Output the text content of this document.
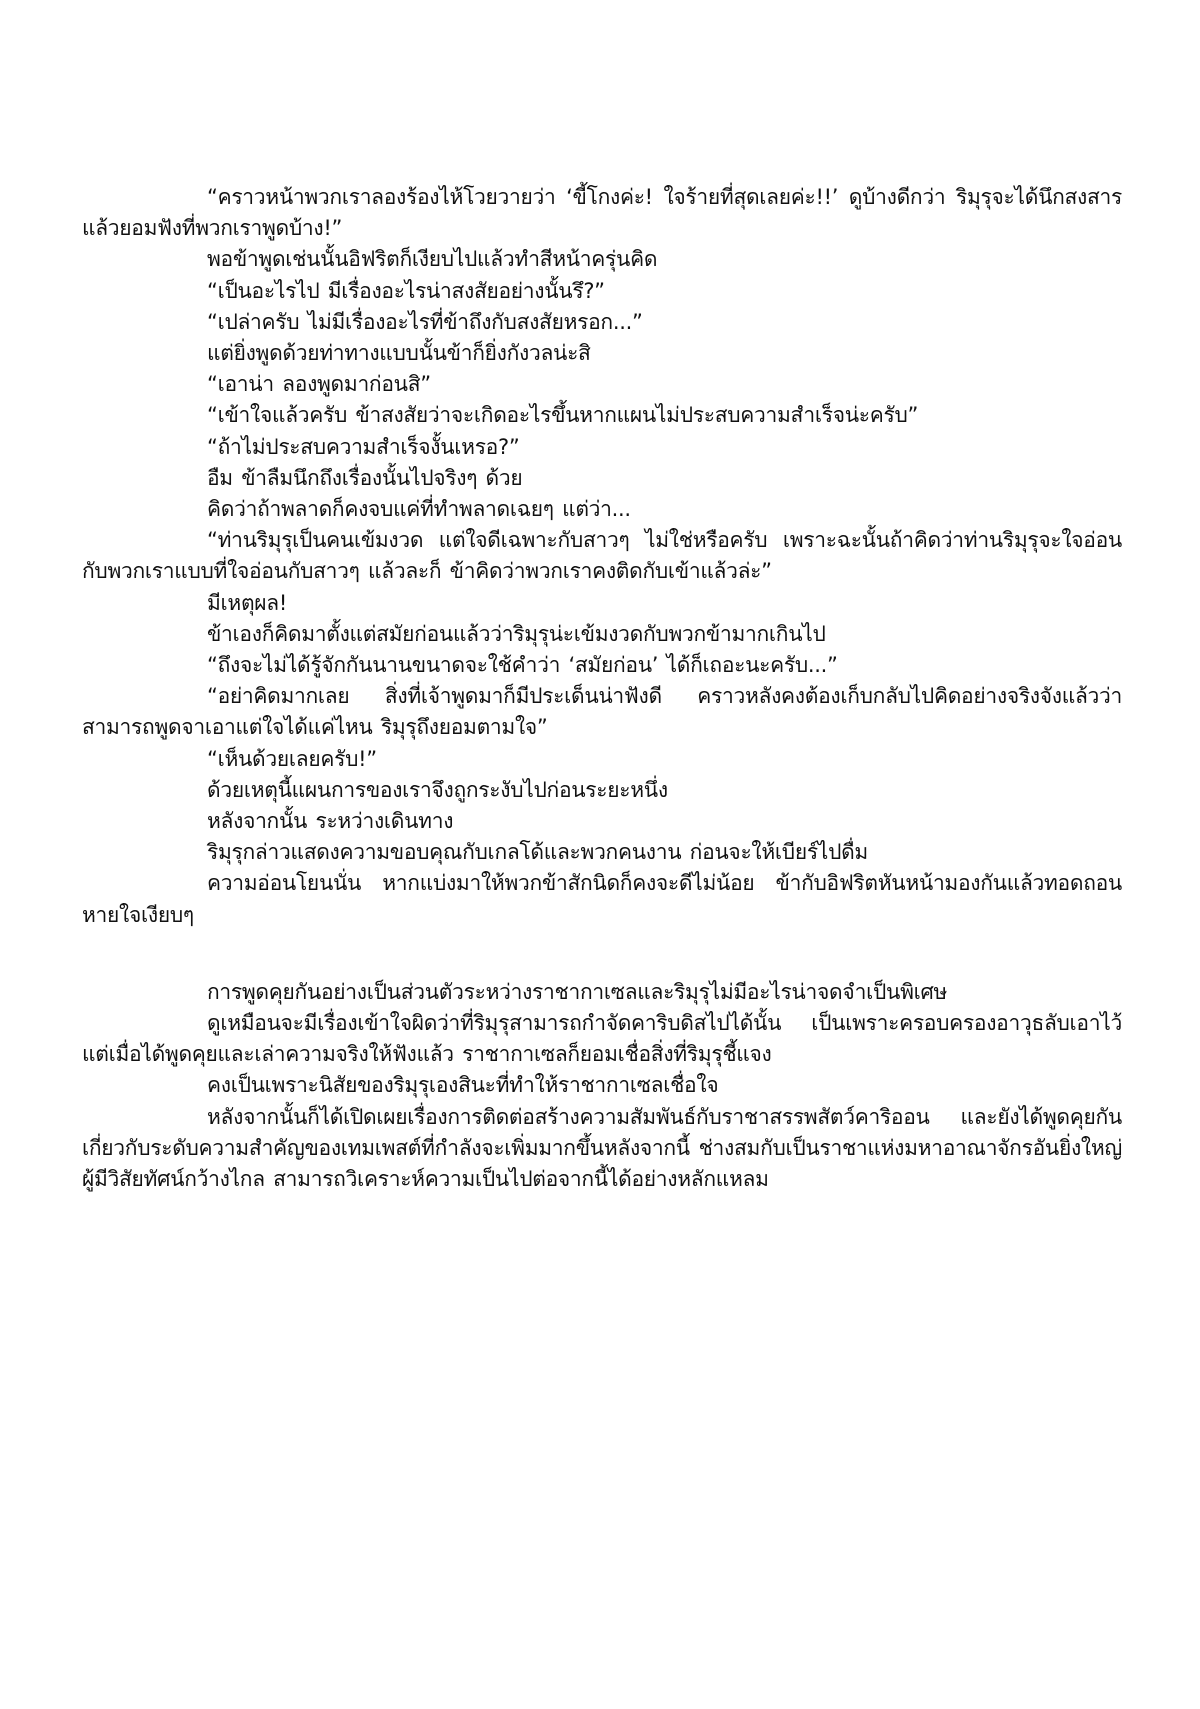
“คราวหน้าพวกเราลองร้องไห้โวยวายว่า ‘ขี้โกงค่ะ! ใจร้ายที่สุดเลยค่ะ!!’ ดูบ้างดีกว่า ริมุรุจะได้นึกสงสารแล้วยอมฟังที่พวกเราพูดบ้าง!”

พอข้าพูดเช่นนั้นอิฟริตก็เงียบไปแล้วทำสีหน้าครุ่นคิด

“เป็นอะไรไป มีเรื่องอะไรน่าสงสัยอย่างนั้นรึ?”

“เปล่าครับ ไม่มีเรื่องอะไรที่ข้าถึงกับสงสัยหรอก...”

แต่ยิ่งพูดด้วยท่าทางแบบนั้นข้าก็ยิ่งกังวลน่ะสิ

“เอาน่า ลองพูดมาก่อนสิ”

“เข้าใจแล้วครับ ข้าสงสัยว่าจะเกิดอะไรขึ้นหากแผนไม่ประสบความสำเร็จน่ะครับ”

“ถ้าไม่ประสบความสำเร็จงั้นเหรอ?”

อืม ข้าลืมนึกถึงเรื่องนั้นไปจริงๆ ด้วย

คิดว่าถ้าพลาดก็คงจบแค่ที่ทำพลาดเฉยๆ แต่ว่า...

“ท่านริมุรุเป็นคนเข้มงวด แต่ใจดีเฉพาะกับสาวๆ ไม่ใช่หรือครับ เพราะฉะนั้นถ้าคิดว่าท่านริมุรุจะใจอ่อนกับพวกเราแบบที่ใจอ่อนกับสาวๆ แล้วละก็ ข้าคิดว่าพวกเราคงติดกับเข้าแล้วล่ะ”

มีเหตุผล!

ข้าเองก็คิดมาตั้งแต่สมัยก่อนแล้วว่าริมุรุน่ะเข้มงวดกับพวกข้ามากเกินไป

“ถึงจะไม่ได้รู้จักกันนานขนาดจะใช้คำว่า ‘สมัยก่อน’ ได้ก็เถอะนะครับ...”

“อย่าคิดมากเลย สิ่งที่เจ้าพูดมาก็มีประเด็นน่าฟังดี คราวหลังคงต้องเก็บกลับไปคิดอย่างจริงจังแล้วว่าสามารถพูดจาเอาแต่ใจได้แค่ไหน ริมุรุถึงยอมตามใจ”

“เห็นด้วยเลยครับ!”

ด้วยเหตุนี้แผนการของเราจึงถูกระงับไปก่อนระยะหนึ่ง

หลังจากนั้น ระหว่างเดินทาง

ริมุรุกล่าวแสดงความขอบคุณกับเกลโด้และพวกคนงาน ก่อนจะให้เบียร์ไปดื่ม

ความอ่อนโยนนั่น หากแบ่งมาให้พวกข้าสักนิดก็คงจะดีไม่น้อย ข้ากับอิฟริตหันหน้ามองกันแล้วทอดถอนหายใจเงียบๆ

การพูดคุยกันอย่างเป็นส่วนตัวระหว่างราชากาเซลและริมุรุไม่มีอะไรน่าจดจำเป็นพิเศษ

ดูเหมือนจะมีเรื่องเข้าใจผิดว่าที่ริมุรุสามารถกำจัดคาริบดิสไปได้นั้น เป็นเพราะครอบครองอาวุธลับเอาไว้ แต่เมื่อได้พูดคุยและเล่าความจริงให้ฟังแล้ว ราชากาเซลก็ยอมเชื่อสิ่งที่ริมุรุชี้แจง

คงเป็นเพราะนิสัยของริมุรุเองสินะที่ทำให้ราชากาเซลเชื่อใจ

หลังจากนั้นก็ได้เปิดเผยเรื่องการติดต่อสร้างความสัมพันธ์กับราชาสรรพสัตว์คาริออน และยังได้พูดคุยกันเกี่ยวกับระดับความสำคัญของเทมเพสต์ที่กำลังจะเพิ่มมากขึ้นหลังจากนี้ ช่างสมกับเป็นราชาแห่งมหาอาณาจักรอันยิ่งใหญ่ผู้มีวิสัยทัศน์กว้างไกล สามารถวิเคราะห์ความเป็นไปต่อจากนี้ได้อย่างหลักแหลม
